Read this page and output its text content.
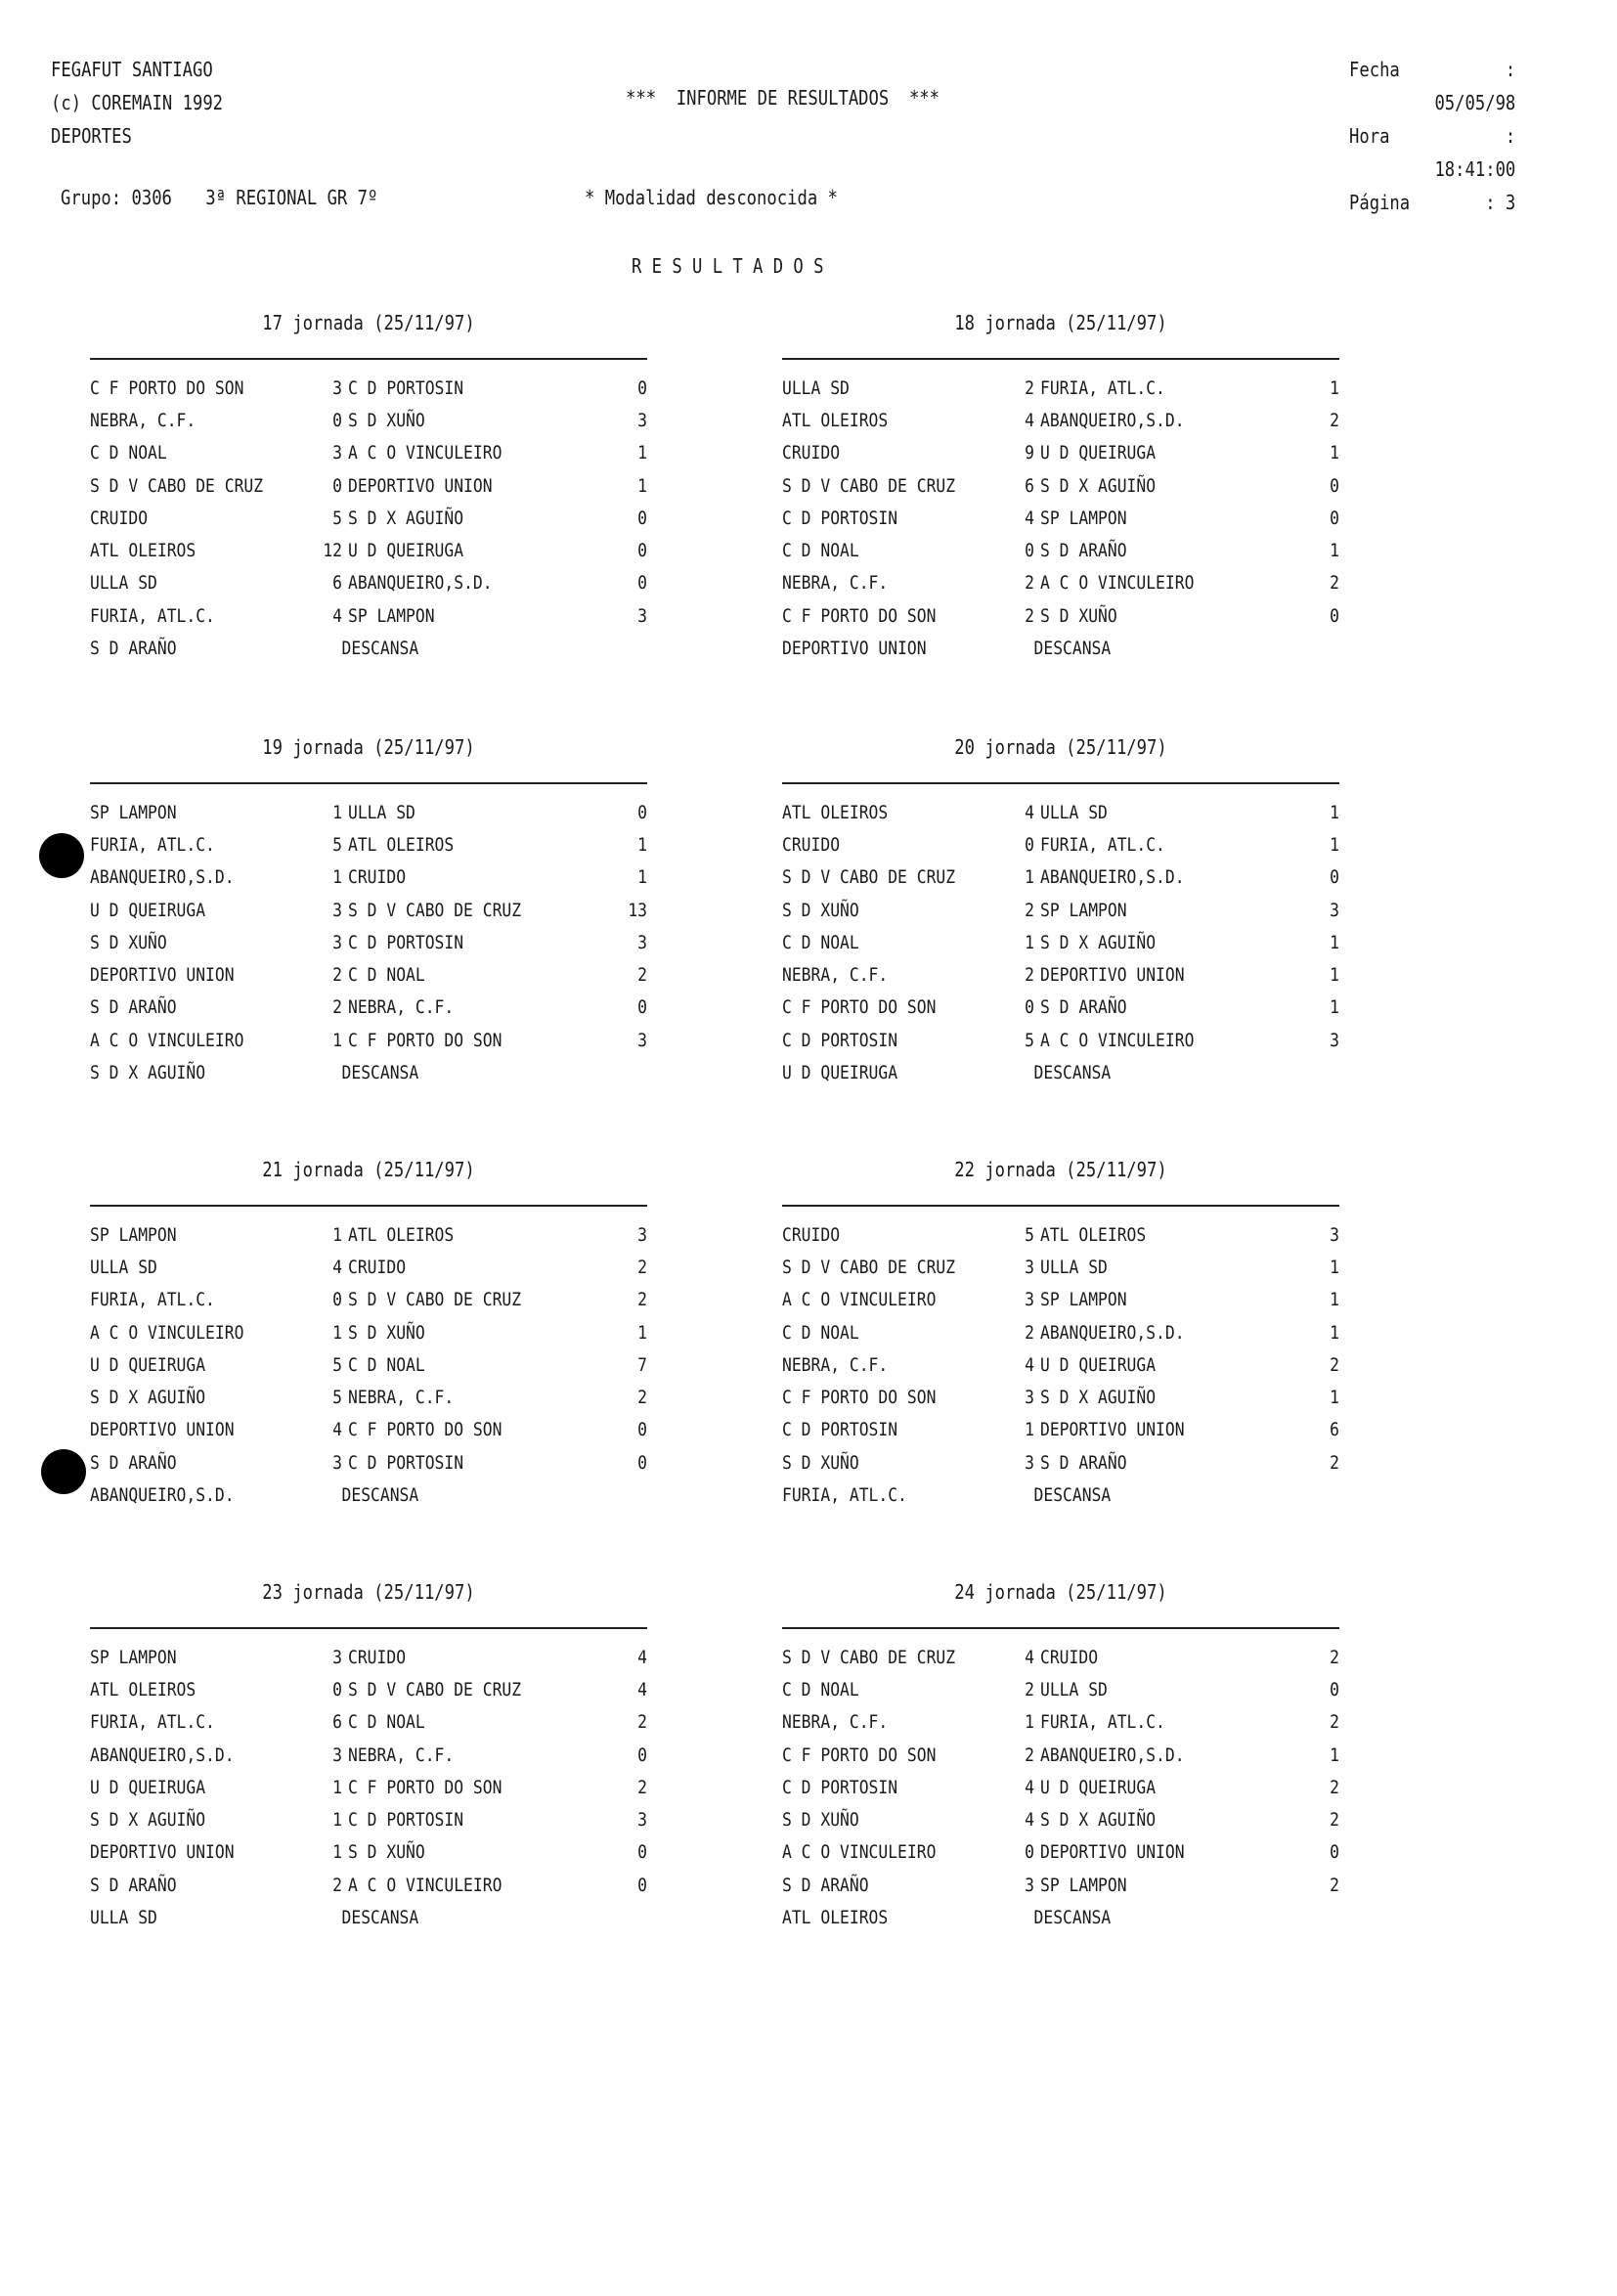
FEGAFUT SANTIAGO
(c) COREMAIN 1992
DEPORTES
***  INFORME DE RESULTADOS  ***
Fecha	: 05/05/98
Hora	: 18:41:00
Página	: 3
Grupo: 0306 3ª REGIONAL GR 7º	* Modalidad desconocida *
RESULTADOS
17 jornada (25/11/97)
C F PORTO DO SON	3 C D PORTOSIN	0
NEBRA, C.F.	0 S D XUÑO	3
C D NOAL	3 A C O VINCULEIRO	1
S D V CABO DE CRUZ	0 DEPORTIVO UNION	1
CRUIDO	5 S D X AGUIÑO	0
ATL OLEIROS	12 U D QUEIRUGA	0
ULLA SD	6 ABANQUEIRO,S.D.	0
FURIA, ATL.C.	4 SP LAMPON	3
S D ARAÑO	DESCANSA
18 jornada (25/11/97)
ULLA SD	2 FURIA, ATL.C.	1
ATL OLEIROS	4 ABANQUEIRO,S.D.	2
CRUIDO	9 U D QUEIRUGA	1
S D V CABO DE CRUZ	6 S D X AGUIÑO	0
C D PORTOSIN	4 SP LAMPON	0
C D NOAL	0 S D ARAÑO	1
NEBRA, C.F.	2 A C O VINCULEIRO	2
C F PORTO DO SON	2 S D XUÑO	0
DEPORTIVO UNION	DESCANSA
19 jornada (25/11/97)
SP LAMPON	1 ULLA SD	0
FURIA, ATL.C.	5 ATL OLEIROS	1
ABANQUEIRO,S.D.	1 CRUIDO	1
U D QUEIRUGA	3 S D V CABO DE CRUZ	13
S D XUÑO	3 C D PORTOSIN	3
DEPORTIVO UNION	2 C D NOAL	2
S D ARAÑO	2 NEBRA, C.F.	0
A C O VINCULEIRO	1 C F PORTO DO SON	3
S D X AGUIÑO	DESCANSA
20 jornada (25/11/97)
ATL OLEIROS	4 ULLA SD	1
CRUIDO	0 FURIA, ATL.C.	1
S D V CABO DE CRUZ	1 ABANQUEIRO,S.D.	0
S D XUÑO	2 SP LAMPON	3
C D NOAL	1 S D X AGUIÑO	1
NEBRA, C.F.	2 DEPORTIVO UNION	1
C F PORTO DO SON	0 S D ARAÑO	1
C D PORTOSIN	5 A C O VINCULEIRO	3
U D QUEIRUGA	DESCANSA
21 jornada (25/11/97)
SP LAMPON	1 ATL OLEIROS	3
ULLA SD	4 CRUIDO	2
FURIA, ATL.C.	0 S D V CABO DE CRUZ	2
A C O VINCULEIRO	1 S D XUÑO	1
U D QUEIRUGA	5 C D NOAL	7
S D X AGUIÑO	5 NEBRA, C.F.	2
DEPORTIVO UNION	4 C F PORTO DO SON	0
S D ARAÑO	3 C D PORTOSIN	0
ABANQUEIRO,S.D.	DESCANSA
22 jornada (25/11/97)
CRUIDO	5 ATL OLEIROS	3
S D V CABO DE CRUZ	3 ULLA SD	1
A C O VINCULEIRO	3 SP LAMPON	1
C D NOAL	2 ABANQUEIRO,S.D.	1
NEBRA, C.F.	4 U D QUEIRUGA	2
C F PORTO DO SON	3 S D X AGUIÑO	1
C D PORTOSIN	1 DEPORTIVO UNION	6
S D XUÑO	3 S D ARAÑO	2
FURIA, ATL.C.	DESCANSA
23 jornada (25/11/97)
SP LAMPON	3 CRUIDO	4
ATL OLEIROS	0 S D V CABO DE CRUZ	4
FURIA, ATL.C.	6 C D NOAL	2
ABANQUEIRO,S.D.	3 NEBRA, C.F.	0
U D QUEIRUGA	1 C F PORTO DO SON	2
S D X AGUIÑO	1 C D PORTOSIN	3
DEPORTIVO UNION	1 S D XUÑO	0
S D ARAÑO	2 A C O VINCULEIRO	0
ULLA SD	DESCANSA
24 jornada (25/11/97)
S D V CABO DE CRUZ	4 CRUIDO	2
C D NOAL	2 ULLA SD	0
NEBRA, C.F.	1 FURIA, ATL.C.	2
C F PORTO DO SON	2 ABANQUEIRO,S.D.	1
C D PORTOSIN	4 U D QUEIRUGA	2
S D XUÑO	4 S D X AGUIÑO	2
A C O VINCULEIRO	0 DEPORTIVO UNION	0
S D ARAÑO	3 SP LAMPON	2
ATL OLEIROS	DESCANSA
